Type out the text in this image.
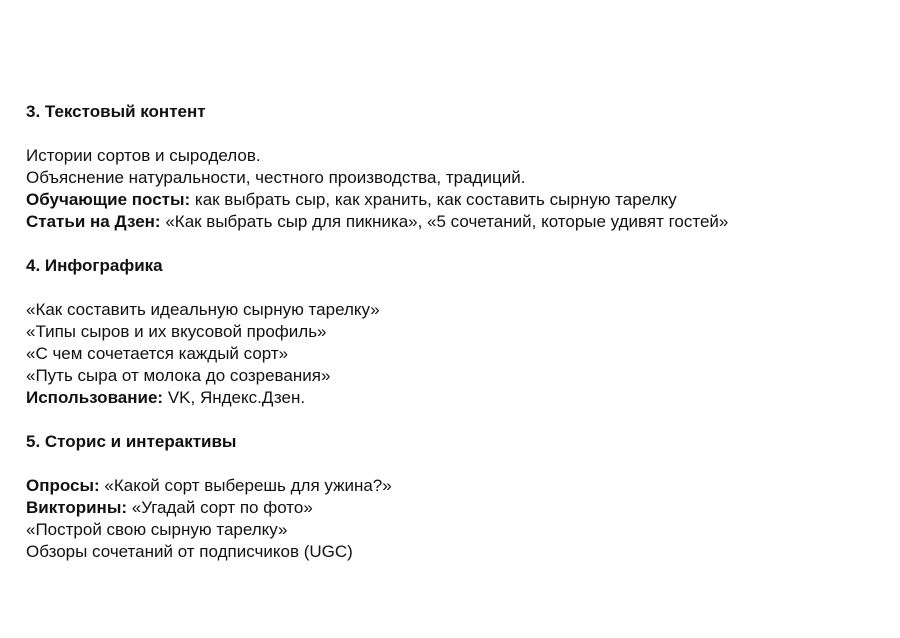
3. Текстовый контент
Истории сортов и сыроделов.
Объяснение натуральности, честного производства, традиций.
Обучающие посты: как выбрать сыр, как хранить, как составить сырную тарелку
Статьи на Дзен: «Как выбрать сыр для пикника», «5 сочетаний, которые удивят гостей»
4. Инфографика
«Как составить идеальную сырную тарелку»
«Типы сыров и их вкусовой профиль»
«С чем сочетается каждый сорт»
«Путь сыра от молока до созревания»
Использование: VK, Яндекс.Дзен.
5. Сторис и интерактивы
Опросы: «Какой сорт выберешь для ужина?»
Викторины: «Угадай сорт по фото»
«Построй свою сырную тарелку»
Обзоры сочетаний от подписчиков (UGC)
